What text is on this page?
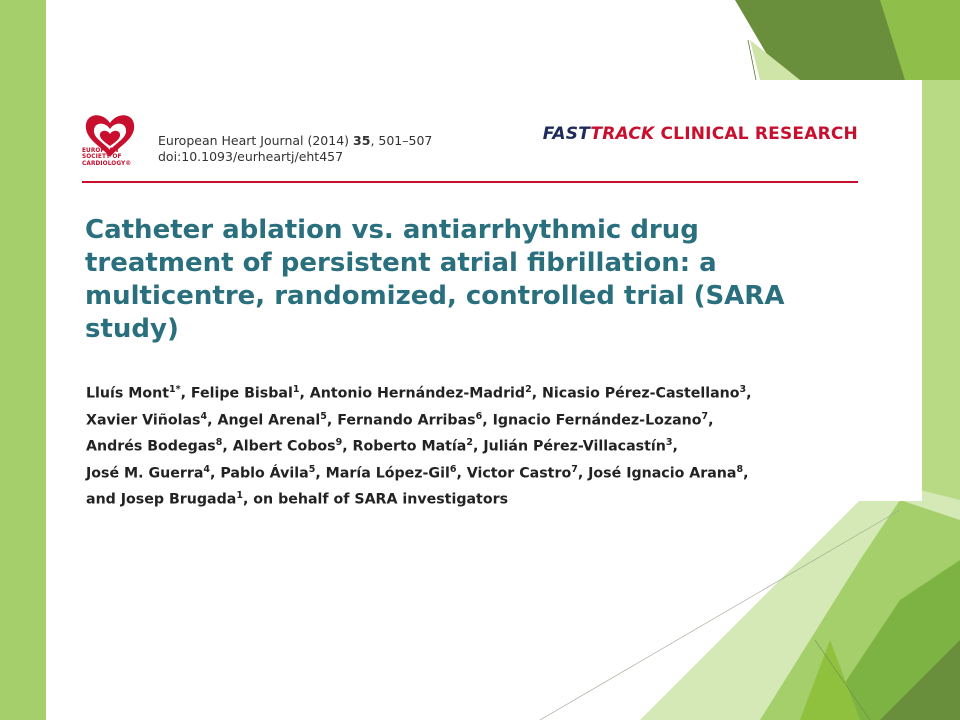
EUROPEAN
SOCIETY OF
CARDIOLOGY®
European Heart Journal (2014) 35, 501–507
doi:10.1093/eurheartj/eht457
FASTTRACK CLINICAL RESEARCH
Catheter ablation vs. antiarrhythmic drug treatment of persistent atrial fibrillation: a multicentre, randomized, controlled trial (SARA study)

Lluís Mont$^{1*}$, Felipe Bisbal$^1$, Antonio Hernández-Madrid$^2$, Nicasio Pérez-Castellano$^3$,
Xavier Viñolas$^4$, Angel Arenal$^5$, Fernando Arribas$^6$, Ignacio Fernández-Lozano$^7$,
Andrés Bodegas$^8$, Albert Cobos$^9$, Roberto Matía$^2$, Julián Pérez-Villacastín$^3$,
José M. Guerra$^4$, Pablo Ávila$^5$, María López-Gil$^6$, Victor Castro$^7$, José Ignacio Arana$^8$,
and Josep Brugada$^1$, on behalf of SARA investigators
